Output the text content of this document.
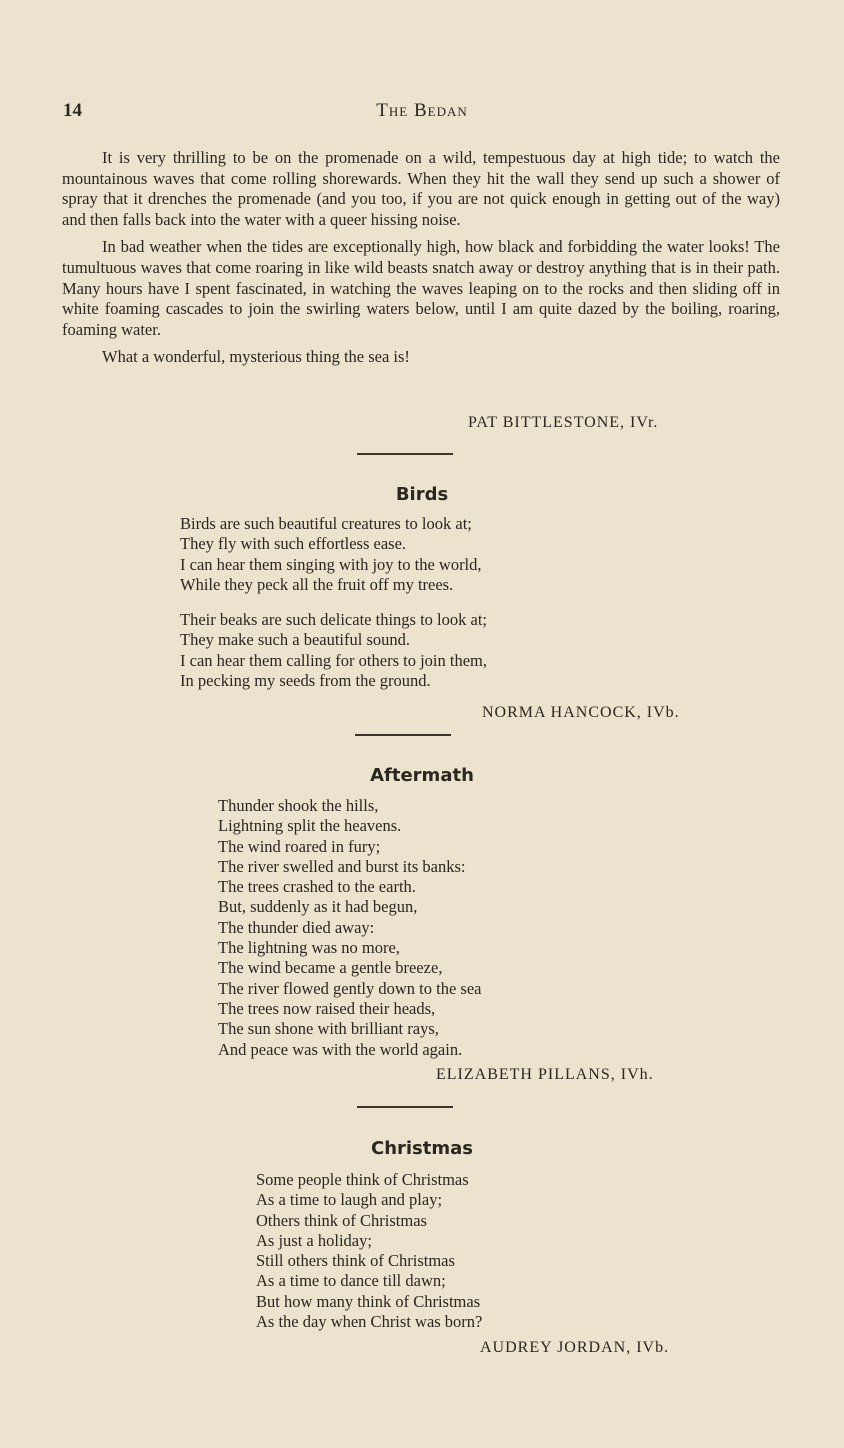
14	The Bedan

It is very thrilling to be on the promenade on a wild, tempestuous day at high tide; to watch the mountainous waves that come rolling shorewards. When they hit the wall they send up such a shower of spray that it drenches the promenade (and you too, if you are not quick enough in getting out of the way) and then falls back into the water with a queer hissing noise.

In bad weather when the tides are exceptionally high, how black and forbidding the water looks! The tumultuous waves that come roaring in like wild beasts snatch away or destroy anything that is in their path. Many hours have I spent fascinated, in watching the waves leaping on to the rocks and then sliding off in white foaming cascades to join the swirling waters below, until I am quite dazed by the boiling, roaring, foaming water.

What a wonderful, mysterious thing the sea is!

PAT BITTLESTONE, IVr.
Birds
Birds are such beautiful creatures to look at;
They fly with such effortless ease.
I can hear them singing with joy to the world,
While they peck all the fruit off my trees.
Their beaks are such delicate things to look at;
They make such a beautiful sound.
I can hear them calling for others to join them,
In pecking my seeds from the ground.
NORMA HANCOCK, IVb.
Aftermath
Thunder shook the hills,
Lightning split the heavens.
The wind roared in fury;
The river swelled and burst its banks:
The trees crashed to the earth.
But, suddenly as it had begun,
The thunder died away:
The lightning was no more,
The wind became a gentle breeze,
The river flowed gently down to the sea
The trees now raised their heads,
The sun shone with brilliant rays,
And peace was with the world again.
ELIZABETH PILLANS, IVh.
Christmas
Some people think of Christmas
As a time to laugh and play;
Others think of Christmas
As just a holiday;
Still others think of Christmas
As a time to dance till dawn;
But how many think of Christmas
As the day when Christ was born?
AUDREY JORDAN, IVb.
